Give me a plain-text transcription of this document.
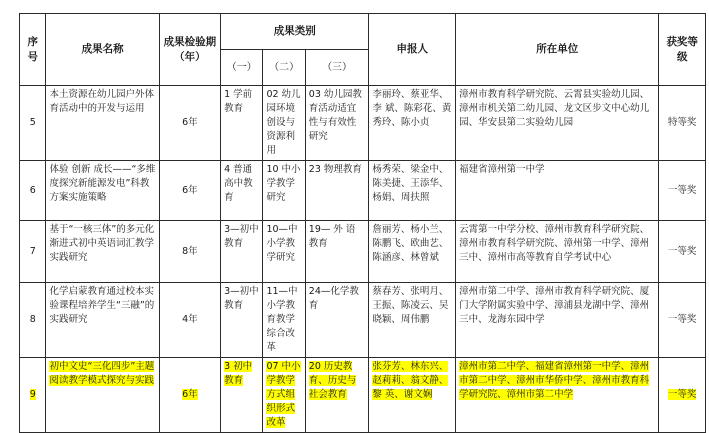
序号	成果名称	成果检验期（年）	成果类别			申报人	所在单位	获奖等级
			（一）	（二）	（三）			
5	本土资源在幼儿园户外体育活动中的开发与运用	6年	1 学前教育	02 幼儿园环境创设与资源利用	03 幼儿园教育活动适宜性与有效性研究	李丽玲、蔡亚华、李 斌、陈彩花、黄秀玲、陈小贞	漳州市教育科学研究院、云霄县实验幼儿园、漳州市机关第二幼儿园、龙文区步文中心幼儿园、华安县第二实验幼儿园	特等奖
6	体验 创新 成长——“多维度探究新能源发电”科教方案实施策略	6年	4 普通高中教育	10 中小学教学研究	23 物理教育	杨秀荣、梁金中、陈美捷、王添华、杨娟、周扶照	福建省漳州第一中学	一等奖
7	基于“一核三体”的多元化渐进式初中英语词汇教学实践研究	8年	3—初中教育	10—中小学教学研究	19— 外 语 教育	詹丽芳、杨小兰、陈鹏飞、欧曲艺、陈涵彦、林曾斌	云霄第一中学分校、漳州市教育科学研究院、漳州市教育科学研究院、漳州第一中学、漳州三中、漳州市高等教育自学考试中心	一等奖
8	化学启蒙教育通过校本实验课程培养学生“三融”的实践研究	4年	3—初中教育	11—中小学教育教学综合改革	24—化学教育	蔡春芳、张明月、王振、陈凌云、吴晓颖、周伟鹏	漳州市第二中学、漳州市教育科学研究院、厦门大学附属实验中学、漳浦县龙湖中学、漳州三中、龙海东园中学	一等奖
9	初中文史“三化四步”主题阅读教学模式探究与实践	6年	3 初中教育	07 中小学教学方式组织形式改革	20 历史教育、历史与社会教育	张芬芳、林东兴、赵莉莉、翁文静、黎 英、谢文娴	漳州市第二中学、福建省漳州第一中学、漳州市第二中学、漳州市华侨中学、漳州市教育科学研究院、漳州市第二中学	一等奖
